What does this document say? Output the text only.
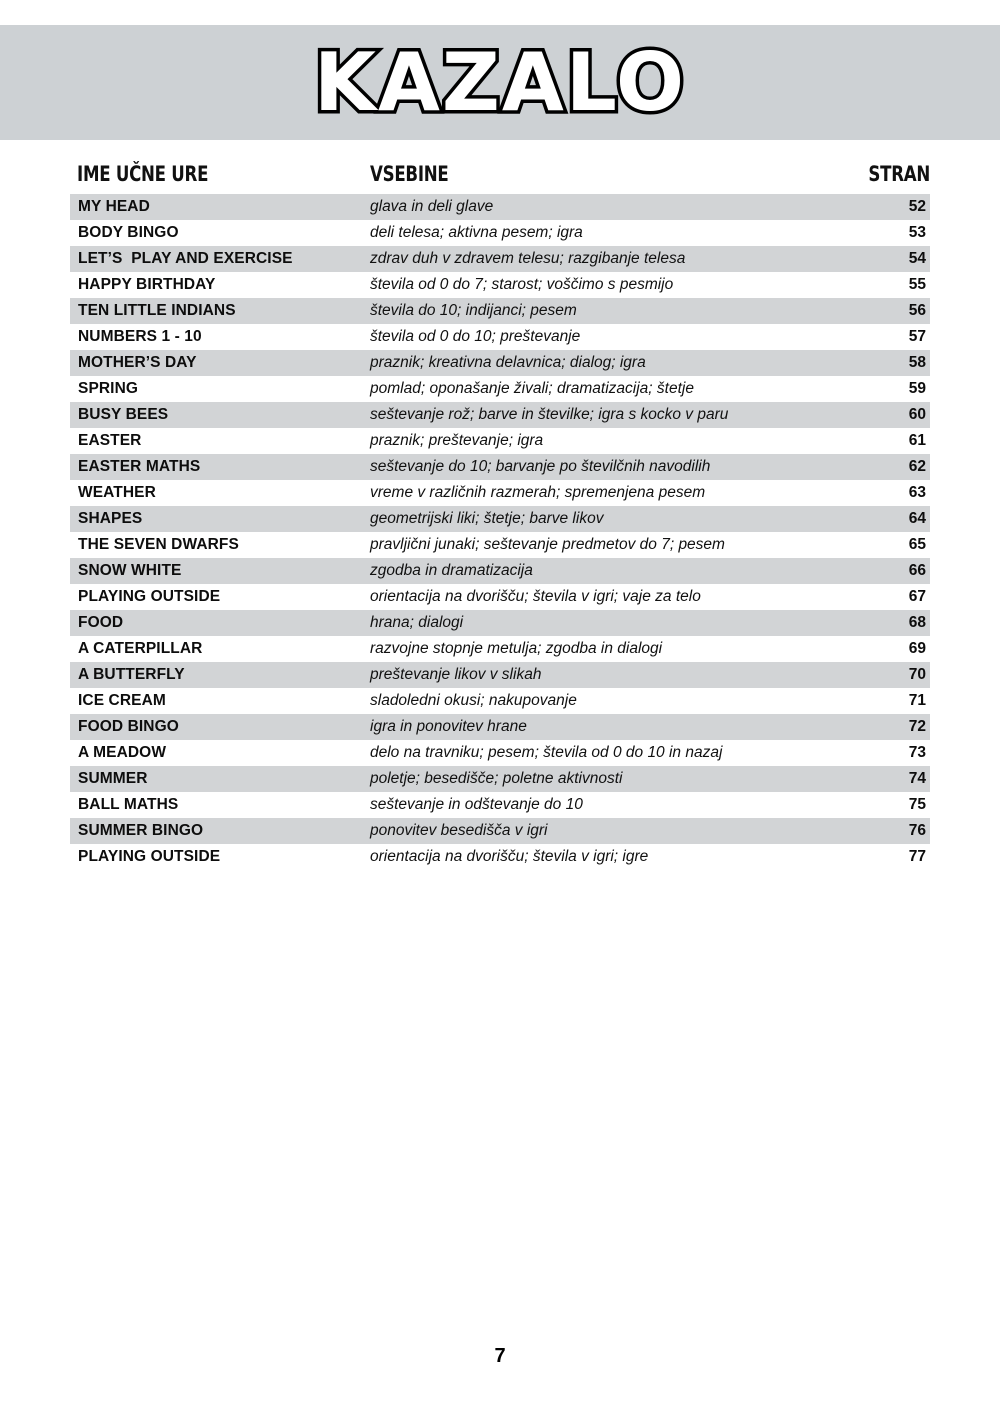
KAZALO
IME UČNE URE	VSEBINE	STRAN
MY HEAD	glava in deli glave	52
BODY BINGO	deli telesa; aktivna pesem; igra	53
LET’S  PLAY AND EXERCISE	zdrav duh v zdravem telesu; razgibanje telesa	54
HAPPY BIRTHDAY	števila od 0 do 7; starost; voščimo s pesmijo	55
TEN LITTLE INDIANS	števila do 10; indijanci; pesem	56
NUMBERS 1 - 10	števila od 0 do 10; preštevanje	57
MOTHER’S DAY	praznik; kreativna delavnica; dialog; igra	58
SPRING	pomlad; oponašanje živali; dramatizacija; štetje	59
BUSY BEES	seštevanje rož; barve in številke; igra s kocko v paru	60
EASTER	praznik; preštevanje; igra	61
EASTER MATHS	seštevanje do 10; barvanje po številčnih navodilih	62
WEATHER	vreme v različnih razmerah; spremenjena pesem	63
SHAPES	geometrijski liki; štetje; barve likov	64
THE SEVEN DWARFS	pravljični junaki; seštevanje predmetov do 7; pesem	65
SNOW WHITE	zgodba in dramatizacija	66
PLAYING OUTSIDE	orientacija na dvorišču; števila v igri; vaje za telo	67
FOOD	hrana; dialogi	68
A CATERPILLAR	razvojne stopnje metulja; zgodba in dialogi	69
A BUTTERFLY	preštevanje likov v slikah	70
ICE CREAM	sladoledni okusi; nakupovanje	71
FOOD BINGO	igra in ponovitev hrane	72
A MEADOW	delo na travniku; pesem; števila od 0 do 10 in nazaj	73
SUMMER	poletje; besedišče; poletne aktivnosti	74
BALL MATHS	seštevanje in odštevanje do 10	75
SUMMER BINGO	ponovitev besedišča v igri	76
PLAYING OUTSIDE	orientacija na dvorišču; števila v igri; igre	77
7
